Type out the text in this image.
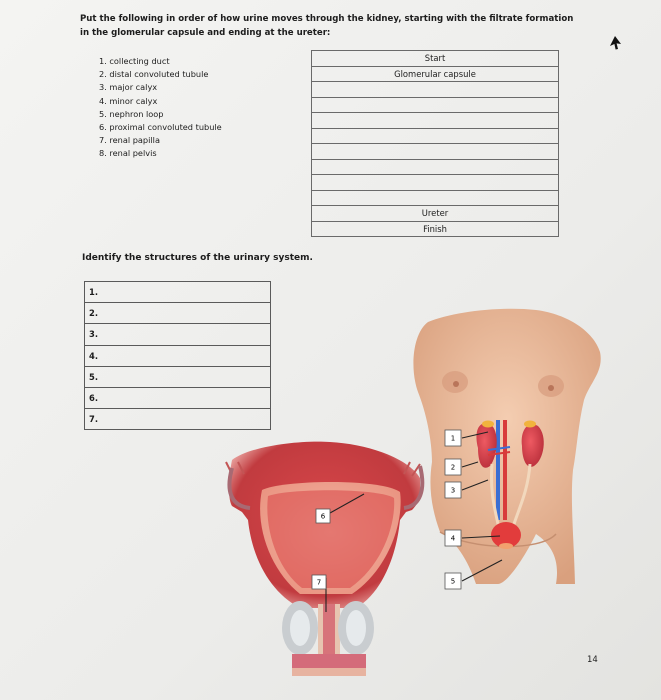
Put the following in order of how urine moves through the kidney, starting with the filtrate formation in the glomerular capsule and ending at the ureter:
1. collecting duct
2. distal convoluted tubule
3. major calyx
4. minor calyx
5. nephron loop
6. proximal convoluted tubule
7. renal papilla
8. renal pelvis
Start
Glomerular capsule

Ureter
Finish
Identify the structures of the urinary system.
1.
2.
3.
4.
5.
6.
7.
1
2
3
4
5
6
7
14
